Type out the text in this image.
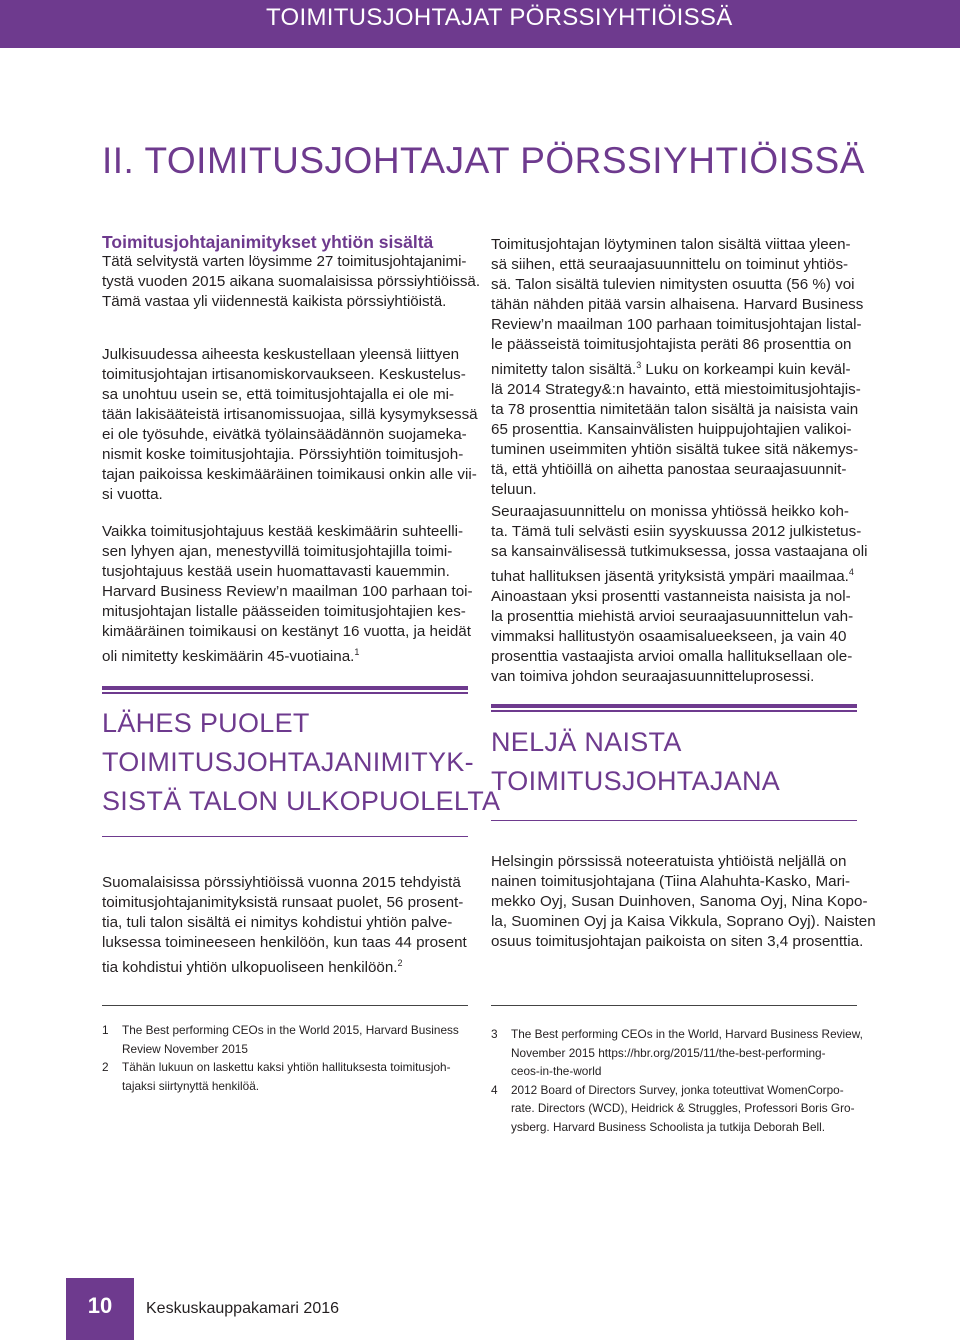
TOIMITUSJOHTAJAT PÖRSSIYHTIÖISSÄ
II. TOIMITUSJOHTAJAT PÖRSSIYHTIÖISSÄ
Toimitusjohtajanimitykset yhtiön sisältä
Tätä selvitystä varten löysimme 27 toimitusjohtajanimi-
tystä vuoden 2015 aikana suomalaisissa pörssiyhtiöissä.
Tämä vastaa yli viidennestä kaikista pörssiyhtiöistä.
Julkisuudessa aiheesta keskustellaan yleensä liittyen
toimitusjohtajan irtisanomiskorvaukseen. Keskustelus-
sa unohtuu usein se, että toimitusjohtajalla ei ole mi-
tään lakisääteistä irtisanomissuojaa, sillä kysymyksessä
ei ole työsuhde, eivätkä työlainsäädännön suojameka-
nismit koske toimitusjohtajia. Pörssiyhtiön toimitusjoh-
tajan paikoissa keskimääräinen toimikausi onkin alle vii-
si vuotta.
Vaikka toimitusjohtajuus kestää keskimäärin suhteelli-
sen lyhyen ajan, menestyvillä toimitusjohtajilla toimi-
tusjohtajuus kestää usein huomattavasti kauemmin.
Harvard Business Review’n maailman 100 parhaan toi-
mitusjohtajan listalle päässeiden toimitusjohtajien kes-
kimääräinen toimikausi on kestänyt 16 vuotta, ja heidät
oli nimitetty keskimäärin 45-vuotiaina.$^1$
Toimitusjohtajan löytyminen talon sisältä viittaa yleen-
sä siihen, että seuraajasuunnittelu on toiminut yhtiös-
sä. Talon sisältä tulevien nimitysten osuutta (56 %) voi
tähän nähden pitää varsin alhaisena. Harvard Business
Review’n maailman 100 parhaan toimitusjohtajan listal-
le päässeistä toimitusjohtajista peräti 86 prosenttia on
nimitetty talon sisältä.$^3$ Luku on korkeampi kuin keväl-
lä 2014 Strategy&:n havainto, että miestoimitusjohtajis-
ta 78 prosenttia nimitetään talon sisältä ja naisista vain
65 prosenttia. Kansainvälisten huippujohtajien valikoi-
tuminen useimmiten yhtiön sisältä tukee sitä näkemys-
tä, että yhtiöillä on aihetta panostaa seuraajasuunnit-
teluun.
Seuraajasuunnittelu on monissa yhtiössä heikko koh-
ta. Tämä tuli selvästi esiin syyskuussa 2012 julkistetus-
sa kansainvälisessä tutkimuksessa, jossa vastaajana oli
tuhat hallituksen jäsentä yrityksistä ympäri maailmaa.$^4$
Ainoastaan yksi prosentti vastanneista naisista ja nol-
la prosenttia miehistä arvioi seuraajasuunnittelun vah-
vimmaksi hallitustyön osaamisalueekseen, ja vain 40
prosenttia vastaajista arvioi omalla hallituksellaan ole-
van toimiva johdon seuraajasuunnitteluprosessi.
LÄHES PUOLET
TOIMITUSJOHTAJANIMITYK-
SISTÄ TALON ULKOPUOLELTA
Suomalaisissa pörssiyhtiöissä vuonna 2015 tehdyistä
toimitusjohtajanimityksistä runsaat puolet, 56 prosent-
tia, tuli talon sisältä ei nimitys kohdistui yhtiön palve-
luksessa toimineeseen henkilöön, kun taas 44 prosent
tia kohdistui yhtiön ulkopuoliseen henkilöön.$^2$
NELJÄ NAISTA
TOIMITUSJOHTAJANA
Helsingin pörssissä noteeratuista yhtiöistä neljällä on
nainen toimitusjohtajana (Tiina Alahuhta-Kasko, Mari-
mekko Oyj, Susan Duinhoven, Sanoma Oyj, Nina Kopo-
la, Suominen Oyj ja Kaisa Vikkula, Soprano Oyj). Naisten
osuus toimitusjohtajan paikoista on siten 3,4 prosenttia.
1 The Best performing CEOs in the World 2015, Harvard Business
Review November 2015
2 Tähän lukuun on laskettu kaksi yhtiön hallituksesta toimitusjoh-
tajaksi siirtynyttä henkilöä.
3 The Best performing CEOs in the World, Harvard Business Review,
November 2015 https://hbr.org/2015/11/the-best-performing-
ceos-in-the-world
4 2012 Board of Directors Survey, jonka toteuttivat WomenCorpo-
rate. Directors (WCD), Heidrick & Struggles, Professori Boris Gro-
ysberg. Harvard Business Schoolista ja tutkija Deborah Bell.
10	Keskuskauppakamari 2016
